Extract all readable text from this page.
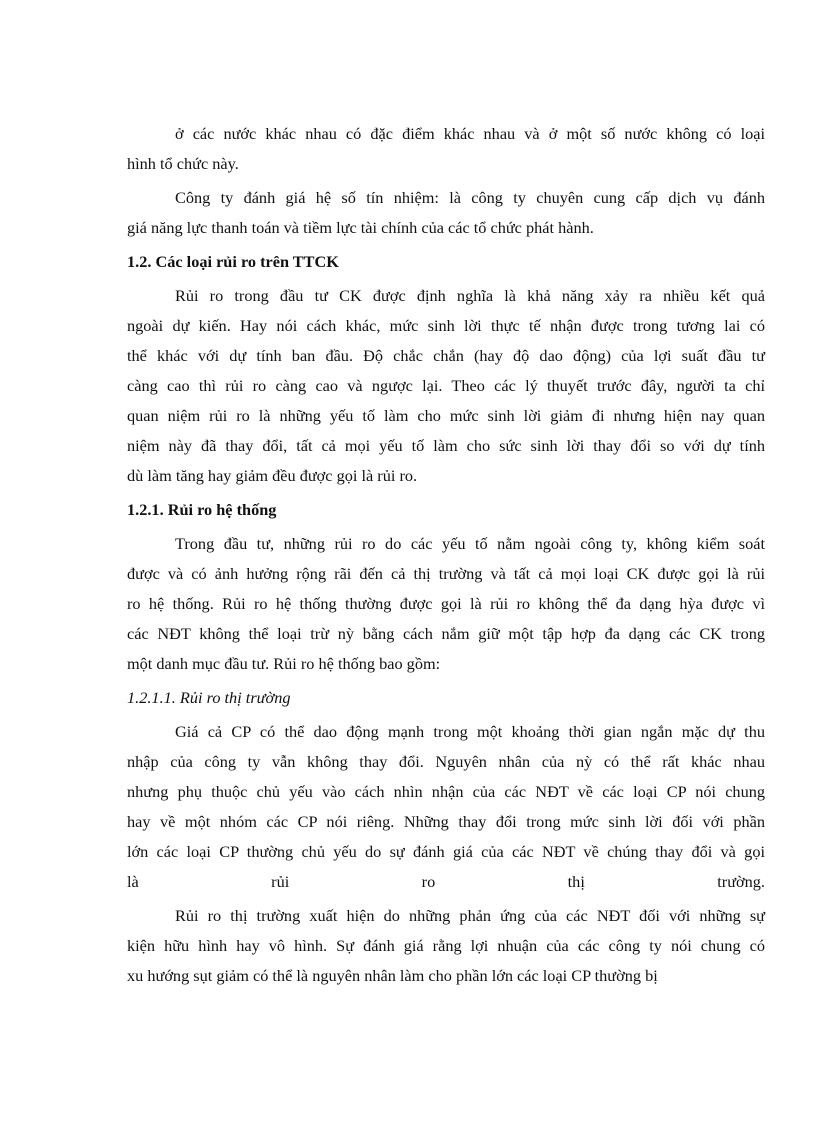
ở các nước khác nhau có đặc điểm khác nhau và ở một số nước không có loại
hình tổ chức này.
Công ty đánh giá hệ số tín nhiệm: là công ty chuyên cung cấp dịch vụ đánh
giá năng lực thanh toán và tiềm lực tài chính của các tổ chức phát hành.
1.2. Các loại rủi ro trên TTCK
Rủi ro trong đầu tư CK được định nghĩa là khả năng xảy ra nhiều kết quả
ngoài dự kiến. Hay nói cách khác, mức sinh lời thực tế nhận được trong tương lai có
thể khác với dự tính ban đầu. Độ chắc chắn (hay độ dao động) của lợi suất đầu tư
càng cao thì rủi ro càng cao và ngược lại. Theo các lý thuyết trước đây, người ta chỉ
quan niệm rủi ro là những yếu tố làm cho mức sinh lời giảm đi nhưng hiện nay quan
niệm này đã thay đổi, tất cả mọi yếu tố làm cho sức sinh lời thay đổi so với dự tính
dù làm tăng hay giảm đều được gọi là rủi ro.
1.2.1. Rủi ro hệ thống
Trong đầu tư, những rủi ro do các yếu tố nằm ngoài công ty, không kiểm soát
được và có ảnh hưởng rộng rãi đến cả thị trường và tất cả mọi loại CK được gọi là rủi
ro hệ thống. Rủi ro hệ thống thường được gọi là rủi ro không thể đa dạng hỳa được vì
các NĐT không thể loại trừ nỳ bằng cách nắm giữ một tập hợp đa dạng các CK trong
một danh mục đầu tư. Rủi ro hệ thống bao gồm:
1.2.1.1. Rủi ro thị trường
Giá cả CP có thể dao động mạnh trong một khoảng thời gian ngắn mặc dự thu
nhập của công ty vẫn không thay đổi. Nguyên nhân của nỳ có thể rất khác nhau
nhưng phụ thuộc chủ yếu vào cách nhìn nhận của các NĐT về các loại CP nói chung
hay về một nhóm các CP nói riêng. Những thay đổi trong mức sinh lời đối với phần
lớn các loại CP thường chủ yếu do sự đánh giá của các NĐT về chúng thay đổi và gọi
là rủi ro thị trường.
Rủi ro thị trường xuất hiện do những phản ứng của các NĐT đối với những sự
kiện hữu hình hay vô hình. Sự đánh giá rằng lợi nhuận của các công ty nói chung có
xu hướng sụt giảm có thể là nguyên nhân làm cho phần lớn các loại CP thường bị
